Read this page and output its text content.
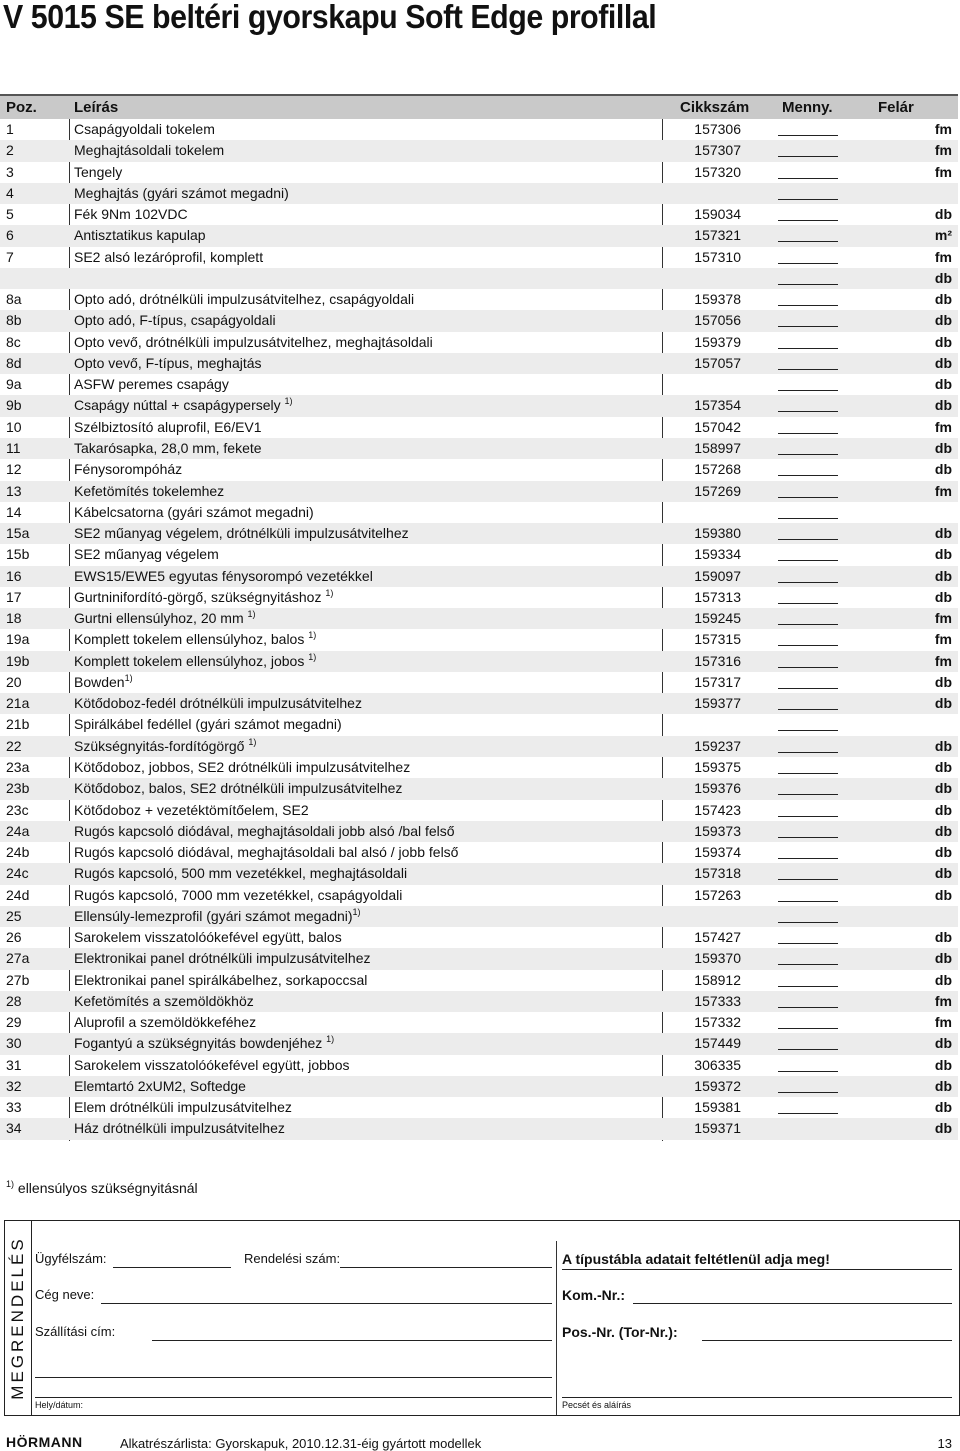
V 5015 SE beltéri gyorskapu Soft Edge profillal
Poz. Leírás	Cikkszám Menny.	Felár
1	Csapágyoldali tokelem	157306	fm
2	Meghajtásoldali tokelem	157307	fm
3	Tengely	157320	fm
4	Meghajtás (gyári számot megadni)
5	Fék 9Nm 102VDC	159034	db
6	Antisztatikus kapulap	157321	m²
7	SE2 alsó lezáróprofil, komplett	157310	fm
db
8a	Opto adó, drótnélküli impulzusátvitelhez, csapágyoldali	159378	db
8b	Opto adó, F-típus, csapágyoldali	157056	db
8c	Opto vevő, drótnélküli impulzusátvitelhez, meghajtásoldali	159379	db
8d	Opto vevő, F-típus, meghajtás	157057	db
9a	ASFW peremes csapágy	db
9b	Csapágy núttal + csapágypersely $^{1)}$	157354	db
10	Szélbiztosító aluprofil, E6/EV1	157042	fm
11	Takarósapka, 28,0 mm, fekete	158997	db
12	Fénysorompóház	157268	db
13	Kefetömítés tokelemhez	157269	fm
14	Kábelcsatorna (gyári számot megadni)
15a	SE2 műanyag végelem, drótnélküli impulzusátvitelhez	159380	db
15b	SE2 műanyag végelem	159334	db
16	EWS15/EWE5 egyutas fénysorompó vezetékkel	159097	db
17	Gurtninifordító-görgő, szükségnyitáshoz $^{1)}$	157313	db
18	Gurtni ellensúlyhoz, 20 mm $^{1)}$	159245	fm
19a	Komplett tokelem ellensúlyhoz, balos $^{1)}$	157315	fm
19b	Komplett tokelem ellensúlyhoz, jobos $^{1)}$	157316	fm
20	Bowden$^{1)}$	157317	db
21a	Kötődoboz-fedél drótnélküli impulzusátvitelhez	159377	db
21b	Spirálkábel fedéllel (gyári számot megadni)
22	Szükségnyitás-fordítógörgő $^{1)}$	159237	db
23a	Kötődoboz, jobbos, SE2 drótnélküli impulzusátvitelhez	159375	db
23b	Kötődoboz, balos, SE2 drótnélküli impulzusátvitelhez	159376	db
23c	Kötődoboz + vezetéktömítőelem, SE2	157423	db
24a	Rugós kapcsoló diódával, meghajtásoldali jobb alsó /bal felső	159373	db
24b	Rugós kapcsoló diódával, meghajtásoldali bal alsó / jobb felső	159374	db
24c	Rugós kapcsoló, 500 mm vezetékkel, meghajtásoldali	157318	db
24d	Rugós kapcsoló, 7000 mm vezetékkel, csapágyoldali	157263	db
25	Ellensúly-lemezprofil (gyári számot megadni)$^{1)}$
26	Sarokelem visszatolóókefével együtt, balos	157427	db
27a	Elektronikai panel drótnélküli impulzusátvitelhez	159370	db
27b	Elektronikai panel spirálkábelhez, sorkapoccsal	158912	db
28	Kefetömítés a szemöldökhöz	157333	fm
29	Aluprofil a szemöldökkeféhez	157332	fm
30	Fogantyú a szükségnyitás bowdenjéhez $^{1)}$	157449	db
31	Sarokelem visszatolóókefével együtt, jobbos	306335	db
32	Elemtartó 2xUM2, Softedge	159372	db
33	Elem drótnélküli impulzusátvitelhez	159381	db
34	Ház drótnélküli impulzusátvitelhez	159371	db
$^{1)}$ ellensúlyos szükségnyitásnál
MEGRENDELÉS Ügyfélszám:	Rendelési szám:
Cég neve:
Szállítási cím:
Hely/dátum:
A típustábla adatait feltétlenül adja meg!
Kom.-Nr.:
Pos.-Nr. (Tor-Nr.):
Pecsét és aláírás
HÖRMANN	Alkatrészárlista: Gyorskapuk, 2010.12.31-éig gyártott modellek	13
